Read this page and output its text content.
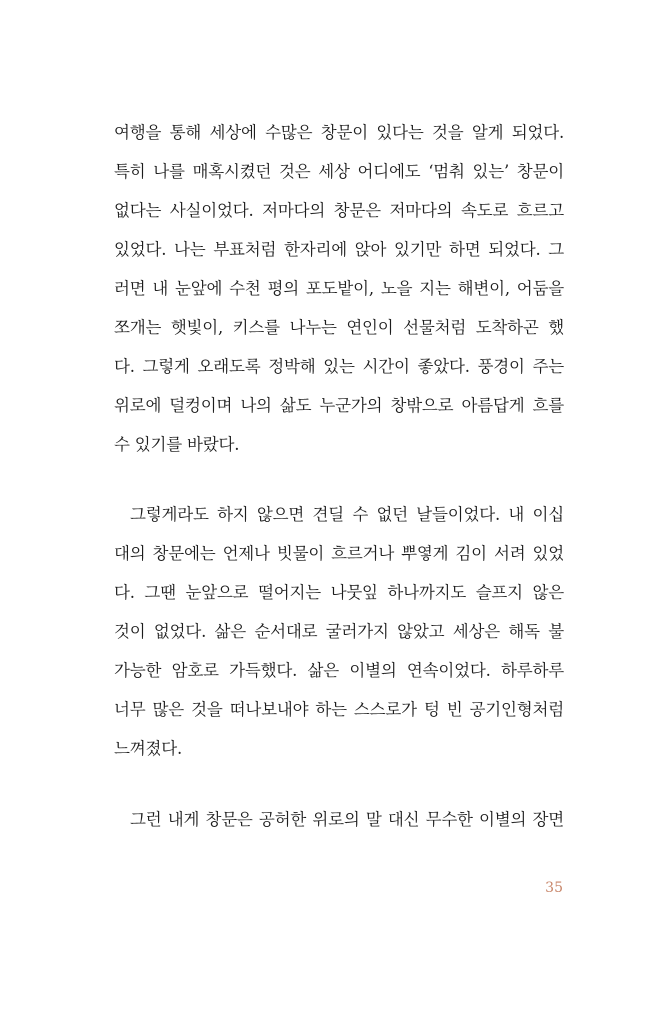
여행을 통해 세상에 수많은 창문이 있다는 것을 알게 되었다.
특히 나를 매혹시켰던 것은 세상 어디에도 ‘멈춰 있는’ 창문이
없다는 사실이었다. 저마다의 창문은 저마다의 속도로 흐르고
있었다. 나는 부표처럼 한자리에 앉아 있기만 하면 되었다. 그
러면 내 눈앞에 수천 평의 포도밭이, 노을 지는 해변이, 어둠을
쪼개는 햇빛이, 키스를 나누는 연인이 선물처럼 도착하곤 했
다. 그렇게 오래도록 정박해 있는 시간이 좋았다. 풍경이 주는
위로에 덜컹이며 나의 삶도 누군가의 창밖으로 아름답게 흐를
수 있기를 바랐다.
그렇게라도 하지 않으면 견딜 수 없던 날들이었다. 내 이십
대의 창문에는 언제나 빗물이 흐르거나 뿌옇게 김이 서려 있었
다. 그땐 눈앞으로 떨어지는 나뭇잎 하나까지도 슬프지 않은
것이 없었다. 삶은 순서대로 굴러가지 않았고 세상은 해독 불
가능한 암호로 가득했다. 삶은 이별의 연속이었다. 하루하루
너무 많은 것을 떠나보내야 하는 스스로가 텅 빈 공기인형처럼
느껴졌다.
그런 내게 창문은 공허한 위로의 말 대신 무수한 이별의 장면
35
